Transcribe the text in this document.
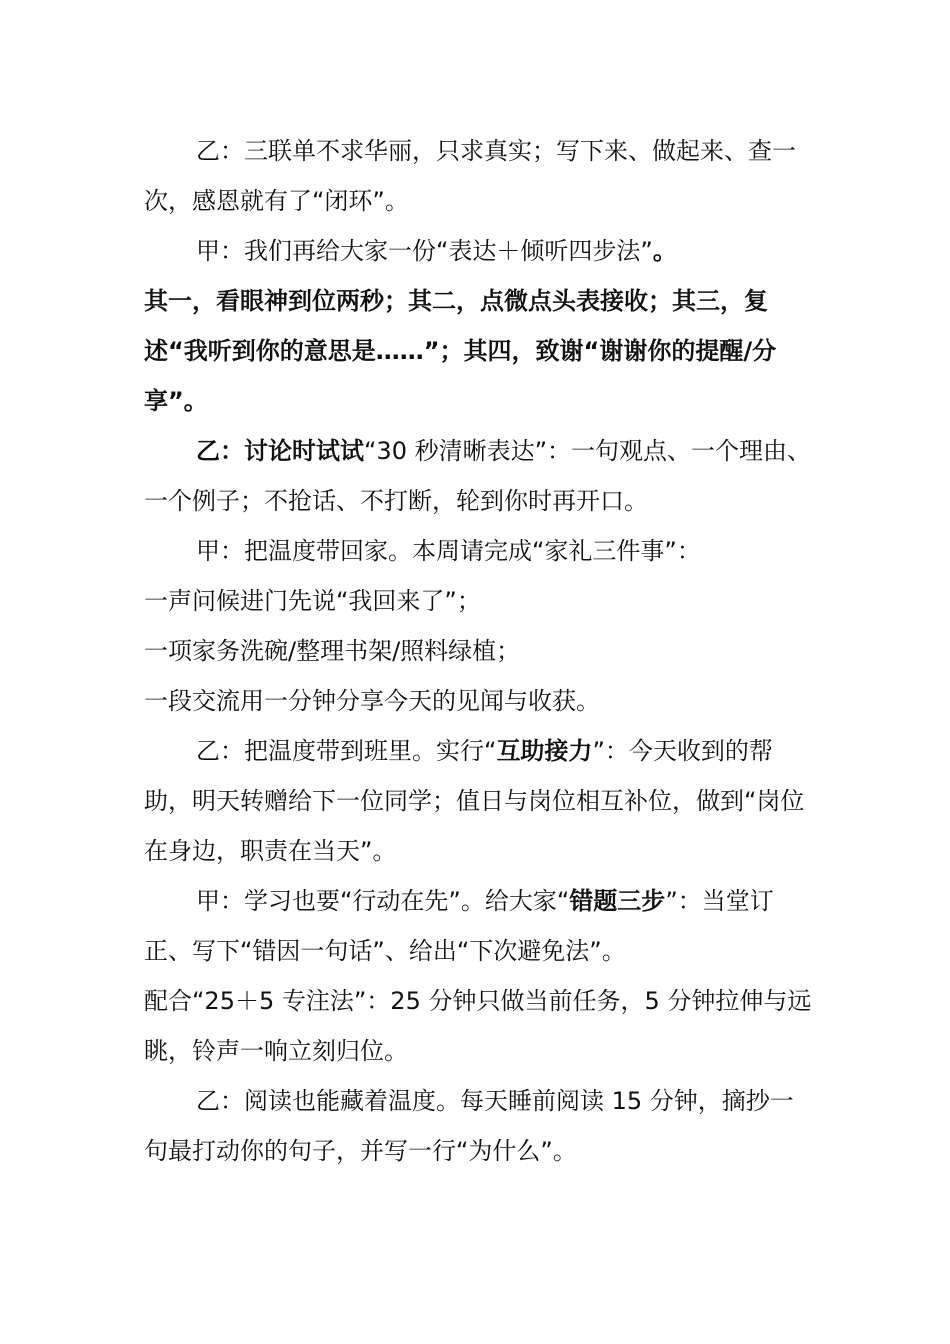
乙：三联单不求华丽，只求真实；写下来、做起来、查一次，感恩就有了“闭环”。

甲：我们再给大家一份“表达＋倾听四步法”。

其一，看眼神到位两秒；其二，点微点头表接收；其三，复述“我听到你的意思是……”；其四，致谢“谢谢你的提醒/分享”。

乙：讨论时试试“30 秒清晰表达”：一句观点、一个理由、一个例子；不抢话、不打断，轮到你时再开口。

甲：把温度带回家。本周请完成“家礼三件事”：

一声问候进门先说“我回来了”；

一项家务洗碗/整理书架/照料绿植；

一段交流用一分钟分享今天的见闻与收获。

乙：把温度带到班里。实行“互助接力”：今天收到的帮助，明天转赠给下一位同学；值日与岗位相互补位，做到“岗位在身边，职责在当天”。

甲：学习也要“行动在先”。给大家“错题三步”：当堂订正、写下“错因一句话”、给出“下次避免法”。

配合“25＋5 专注法”：25 分钟只做当前任务，5 分钟拉伸与远眺，铃声一响立刻归位。

乙：阅读也能藏着温度。每天睡前阅读 15 分钟，摘抄一句最打动你的句子，并写一行“为什么”。
